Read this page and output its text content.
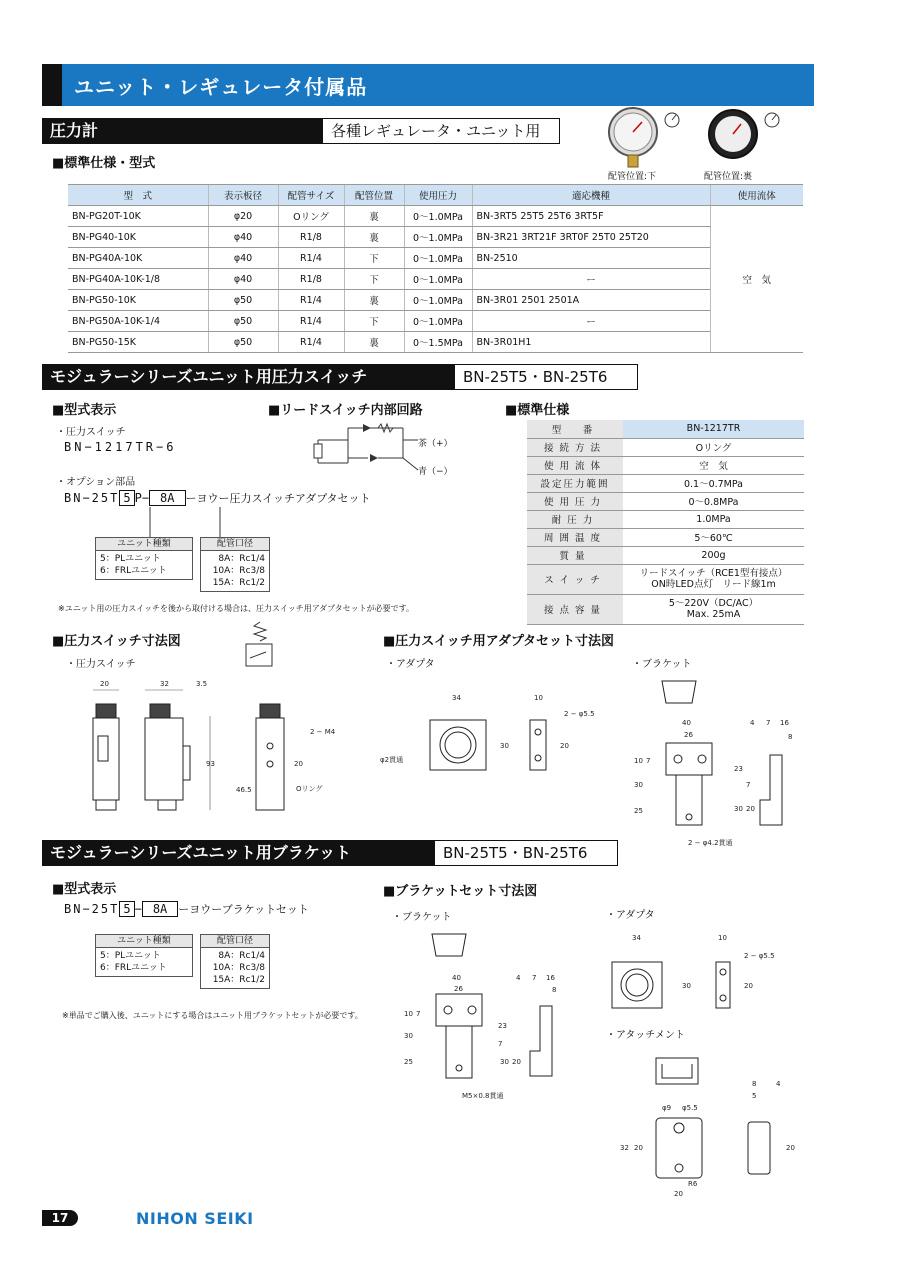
ユニット・レギュレータ付属品
圧力計	各種レギュレータ・ユニット用
■標準仕様・型式
配管位置:下	配管位置:裏
型　式	表示板径	配管サイズ	配管位置	使用圧力	適応機種	使用流体
BN-PG20T-10K	φ20	Oリング	裏	0〜1.0MPa	BN-3RT5 25T5 25T6 3RT5F	空　気
BN-PG40-10K	φ40	R1/8	裏	0〜1.0MPa	BN-3R21 3RT21F 3RT0F 25T0 25T20	
BN-PG40A-10K	φ40	R1/4	下	0〜1.0MPa	BN-2510	
BN-PG40A-10K-1/8	φ40	R1/8	下	0〜1.0MPa	ー	
BN-PG50-10K	φ50	R1/4	裏	0〜1.0MPa	BN-3R01 2501 2501A	
BN-PG50A-10K-1/4	φ50	R1/4	下	0〜1.0MPa	ー	
BN-PG50-15K	φ50	R1/4	裏	0〜1.5MPa	BN-3R01H1	
モジュラーシリーズユニット用圧力スイッチ	BN-25T5・BN-25T6
■型式表示
・圧力スイッチ
BN−1217TR−6
・オプション部品
BN−25T 5 P− 8A ーヨウー圧力スイッチアダプタセット
ユニット種類
5：PLユニット
6：FRLユニット
配管口径
8A：Rc1/4
10A：Rc3/8
15A：Rc1/2
※ユニット用の圧力スイッチを後から取付ける場合は、圧力スイッチ用アダプタセットが必要です。
■リードスイッチ内部回路
茶（+）
青（−）
■標準仕様
型　番	BN-1217TR
接続方法	Oリング
使用流体	空　気
設定圧力範囲	0.1〜0.7MPa
使用圧力	0〜0.8MPa
耐圧力	1.0MPa
周囲温度	5〜60℃
質量	200g
スイッチ	リードスイッチ（RCE1型有接点）
ON時LED点灯　リード線1m

接点容量	5〜220V（DC/AC）
Max. 25mA
■圧力スイッチ寸法図
・圧力スイッチ
20	32	3.5
93
46.5
20
2 − M4
Oリング
■圧力スイッチ用アダプタセット寸法図
・アダプタ	・ブラケット
34
30
10
2 − φ5.5
20
φ2貫通
40
26
4 7 16
8
10 7
30
25
23
7
30 20
2 − φ4.2貫通
モジュラーシリーズユニット用ブラケット	BN-25T5・BN-25T6
■型式表示
BN−25T 5 − 8A ーヨウーブラケットセット
ユニット種類
5：PLユニット
6：FRLユニット
配管口径
8A：Rc1/4
10A：Rc3/8
15A：Rc1/2
※単品でご購入後、ユニットにする場合はユニット用ブラケットセットが必要です。
■ブラケットセット寸法図
・ブラケット	・アダプタ
・アタッチメント
40
26
4 7 16
8
10 7
30
25
23
7
30 20
M5×0.8貫通
34
30
10
2 − φ5.5
20
φ9 φ5.5
8	4
5
32 20
R6
20
20
17	NIHON SEIKI
